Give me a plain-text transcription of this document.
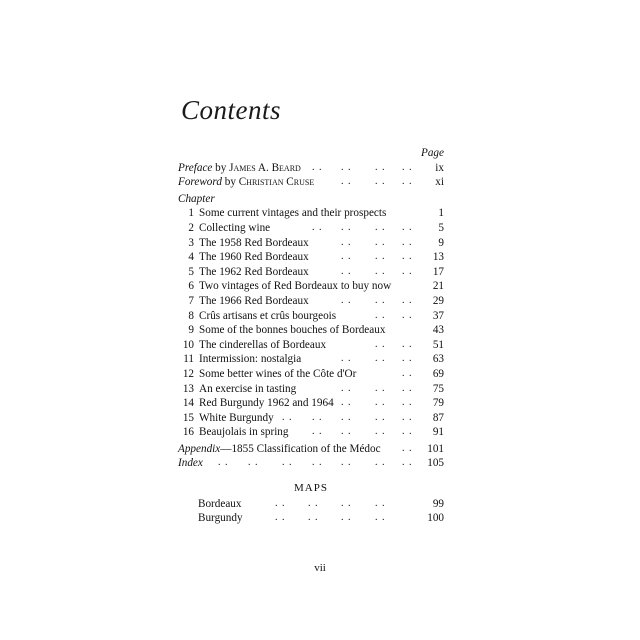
Contents
Page
Preface by James A. Beard . . . . . . . . ix
Foreword by Christian Cruse	. . . . . . xi
Chapter
1 Some current vintages and their prospects	1
2 Collecting wine	. . . . . . . . 5
3 The 1958 Red Bordeaux	. . . . . . 9
4 The 1960 Red Bordeaux	. . . . . . 13
5 The 1962 Red Bordeaux	. . . . . . 17
6 Two vintages of Red Bordeaux to buy now	21
7 The 1966 Red Bordeaux	. . . . . . 29
8 Crûs artisans et crûs bourgeois	. . . . 37
9 Some of the bonnes bouches of Bordeaux	43
10 The cinderellas of Bordeaux	. . . . 51
11 Intermission: nostalgia	. . . . . . 63
12 Some better wines of the Côte d'Or	. . 69
13 An exercise in tasting	. . . . . . 75
14 Red Burgundy 1962 and 1964 . . . . . . 79
15 White Burgundy . . . . . . . . . . 87
16 Beaujolais in spring . . . . . . . . 91
Appendix—1855 Classification of the Médoc . . 101
Index . . . . . . . . . . . . . . 105
MAPS
Bordeaux	. . . . . . . .	99
Burgundy	. . . . . . . .	100
vii
